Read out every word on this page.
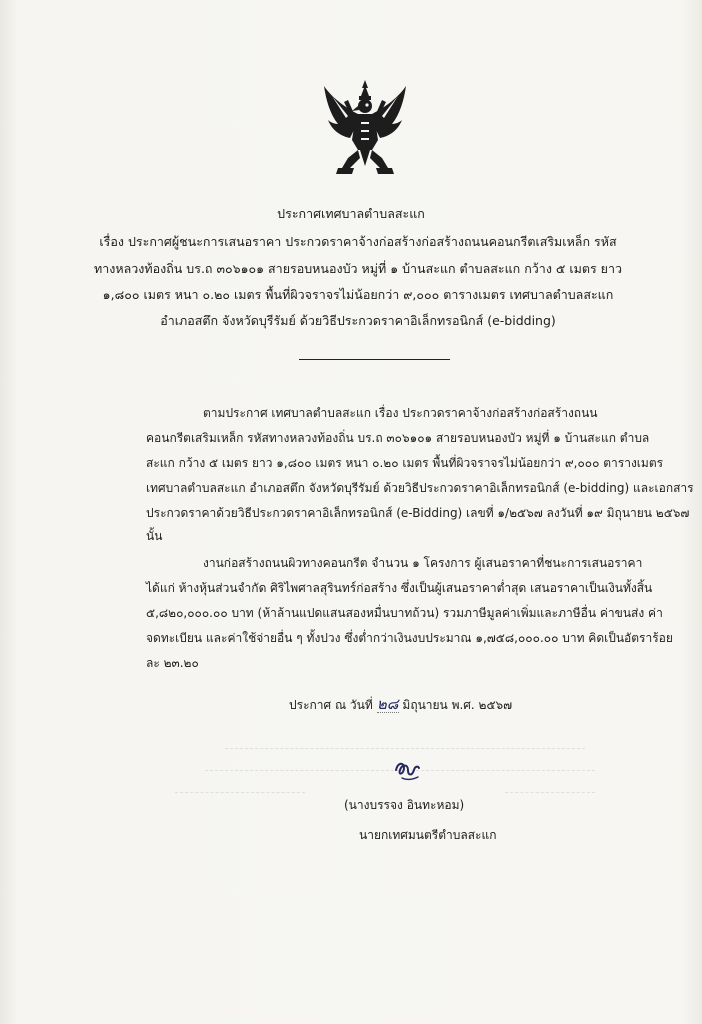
ประกาศเทศบาลตำบลสะแก
เรื่อง ประกาศผู้ชนะการเสนอราคา ประกวดราคาจ้างก่อสร้างก่อสร้างถนนคอนกรีตเสริมเหล็ก รหัส
ทางหลวงท้องถิ่น บร.ถ ๓๐๖๑๐๑ สายรอบหนองบัว หมู่ที่ ๑ บ้านสะแก ตำบลสะแก กว้าง ๕ เมตร ยาว
๑,๘๐๐ เมตร หนา ๐.๒๐ เมตร พื้นที่ผิวจราจรไม่น้อยกว่า ๙,๐๐๐ ตารางเมตร เทศบาลตำบลสะแก
อำเภอสตึก จังหวัดบุรีรัมย์ ด้วยวิธีประกวดราคาอิเล็กทรอนิกส์ (e-bidding)
ตามประกาศ เทศบาลตำบลสะแก เรื่อง ประกวดราคาจ้างก่อสร้างก่อสร้างถนน
คอนกรีตเสริมเหล็ก รหัสทางหลวงท้องถิ่น บร.ถ ๓๐๖๑๐๑ สายรอบหนองบัว หมู่ที่ ๑ บ้านสะแก ตำบล
สะแก กว้าง ๕ เมตร ยาว ๑,๘๐๐ เมตร หนา ๐.๒๐ เมตร พื้นที่ผิวจราจรไม่น้อยกว่า ๙,๐๐๐ ตารางเมตร
เทศบาลตำบลสะแก อำเภอสตึก จังหวัดบุรีรัมย์ ด้วยวิธีประกวดราคาอิเล็กทรอนิกส์ (e-bidding) และเอกสาร
ประกวดราคาด้วยวิธีประกวดราคาอิเล็กทรอนิกส์ (e-Bidding) เลขที่ ๑/๒๕๖๗ ลงวันที่ ๑๙ มิถุนายน ๒๕๖๗
นั้น
งานก่อสร้างถนนผิวทางคอนกรีต จำนวน ๑ โครงการ ผู้เสนอราคาที่ชนะการเสนอราคา
ได้แก่ ห้างหุ้นส่วนจำกัด ศิริไพศาลสุรินทร์ก่อสร้าง ซึ่งเป็นผู้เสนอราคาต่ำสุด เสนอราคาเป็นเงินทั้งสิ้น
๕,๘๒๐,๐๐๐.๐๐ บาท (ห้าล้านแปดแสนสองหมื่นบาทถ้วน) รวมภาษีมูลค่าเพิ่มและภาษีอื่น ค่าขนส่ง ค่า
จดทะเบียน และค่าใช้จ่ายอื่น ๆ ทั้งปวง ซึ่งต่ำกว่าเงินงบประมาณ ๑,๗๕๘,๐๐๐.๐๐ บาท คิดเป็นอัตราร้อย
ละ ๒๓.๒๐
ประกาศ ณ วันที่ ๒๘ มิถุนายน พ.ศ. ๒๕๖๗
(นางบรรจง อินทะหอม)
นายกเทศมนตรีตำบลสะแก
